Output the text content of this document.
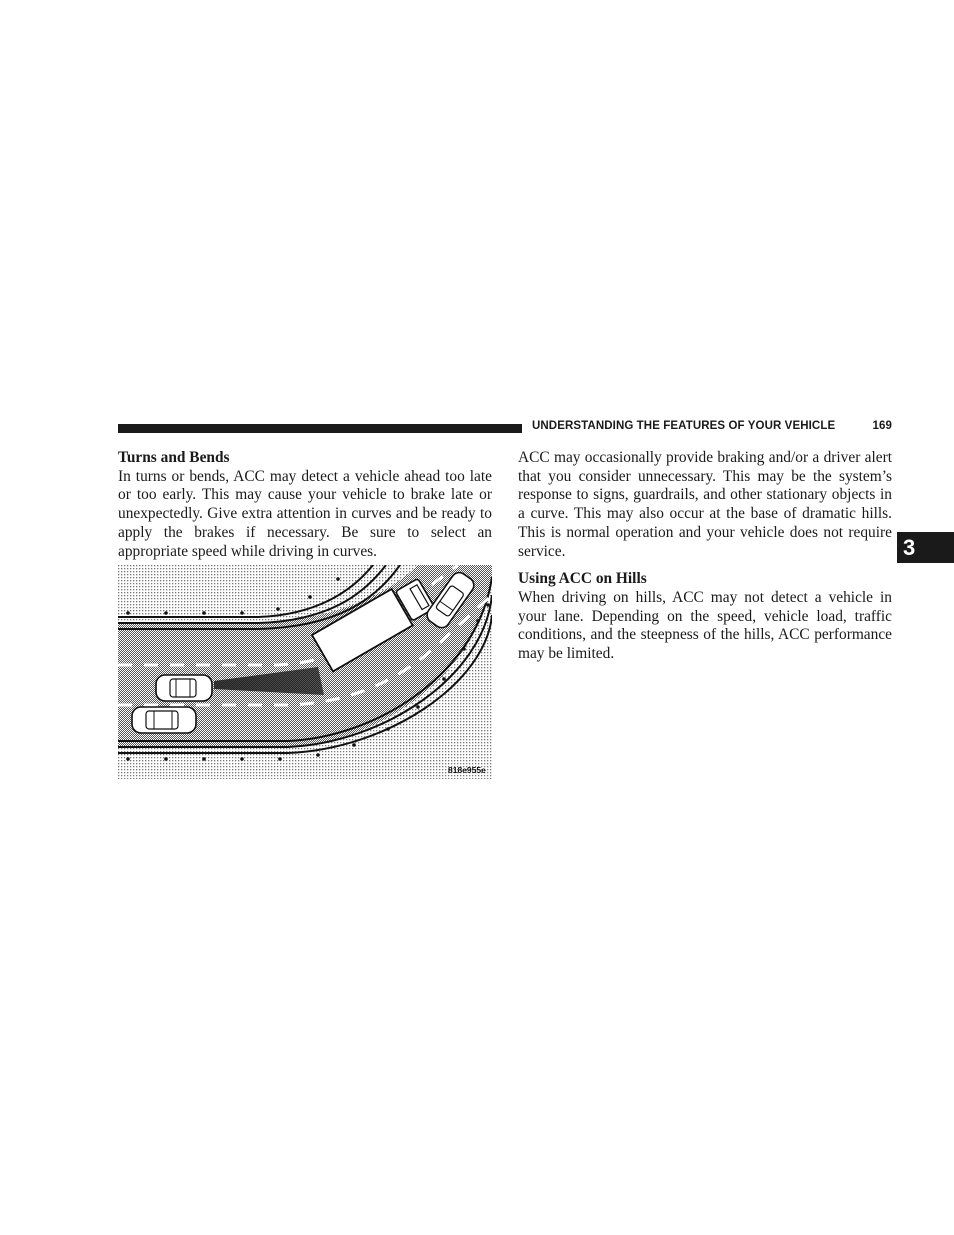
UNDERSTANDING THE FEATURES OF YOUR VEHICLE	169

Turns and Bends

In turns or bends, ACC may detect a vehicle ahead too late or too early. This may cause your vehicle to brake late or unexpectedly. Give extra attention in curves and be ready to apply the brakes if necessary. Be sure to select an appropriate speed while driving in curves.

818e955e

ACC may occasionally provide braking and/or a driver alert that you consider unnecessary. This may be the system’s response to signs, guardrails, and other stationary objects in a curve. This may also occur at the base of dramatic hills. This is normal operation and your vehicle does not require service.

Using ACC on Hills

When driving on hills, ACC may not detect a vehicle in your lane. Depending on the speed, vehicle load, traffic conditions, and the steepness of the hills, ACC performance may be limited.

3
